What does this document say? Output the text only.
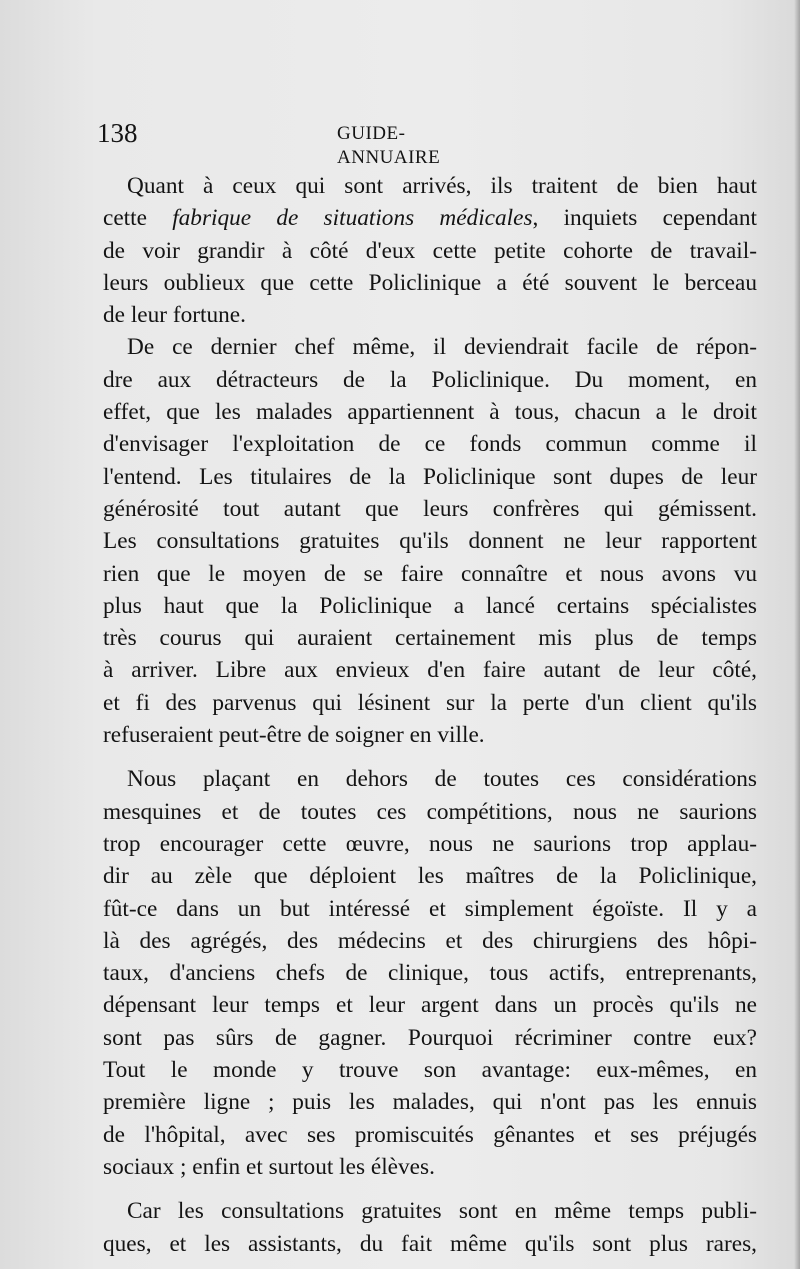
138	GUIDE-ANNUAIRE

Quant à ceux qui sont arrivés, ils traitent de bien haut
cette fabrique de situations médicales, inquiets cependant
de voir grandir à côté d'eux cette petite cohorte de travail-
leurs oublieux que cette Policlinique a été souvent le berceau
de leur fortune.

De ce dernier chef même, il deviendrait facile de répon-
dre aux détracteurs de la Policlinique. Du moment, en
effet, que les malades appartiennent à tous, chacun a le droit
d'envisager l'exploitation de ce fonds commun comme il
l'entend. Les titulaires de la Policlinique sont dupes de leur
générosité tout autant que leurs confrères qui gémissent.
Les consultations gratuites qu'ils donnent ne leur rapportent
rien que le moyen de se faire connaître et nous avons vu
plus haut que la Policlinique a lancé certains spécialistes
très courus qui auraient certainement mis plus de temps
à arriver. Libre aux envieux d'en faire autant de leur côté,
et fi des parvenus qui lésinent sur la perte d'un client qu'ils
refuseraient peut-être de soigner en ville.

Nous plaçant en dehors de toutes ces considérations
mesquines et de toutes ces compétitions, nous ne saurions
trop encourager cette œuvre, nous ne saurions trop applau-
dir au zèle que déploient les maîtres de la Policlinique,
fût-ce dans un but intéressé et simplement égoïste. Il y a
là des agrégés, des médecins et des chirurgiens des hôpi-
taux, d'anciens chefs de clinique, tous actifs, entreprenants,
dépensant leur temps et leur argent dans un procès qu'ils ne
sont pas sûrs de gagner. Pourquoi récriminer contre eux?
Tout le monde y trouve son avantage: eux-mêmes, en
première ligne ; puis les malades, qui n'ont pas les ennuis
de l'hôpital, avec ses promiscuités gênantes et ses préjugés
sociaux ; enfin et surtout les élèves.

Car les consultations gratuites sont en même temps publi-
ques, et les assistants, du fait même qu'ils sont plus rares,
